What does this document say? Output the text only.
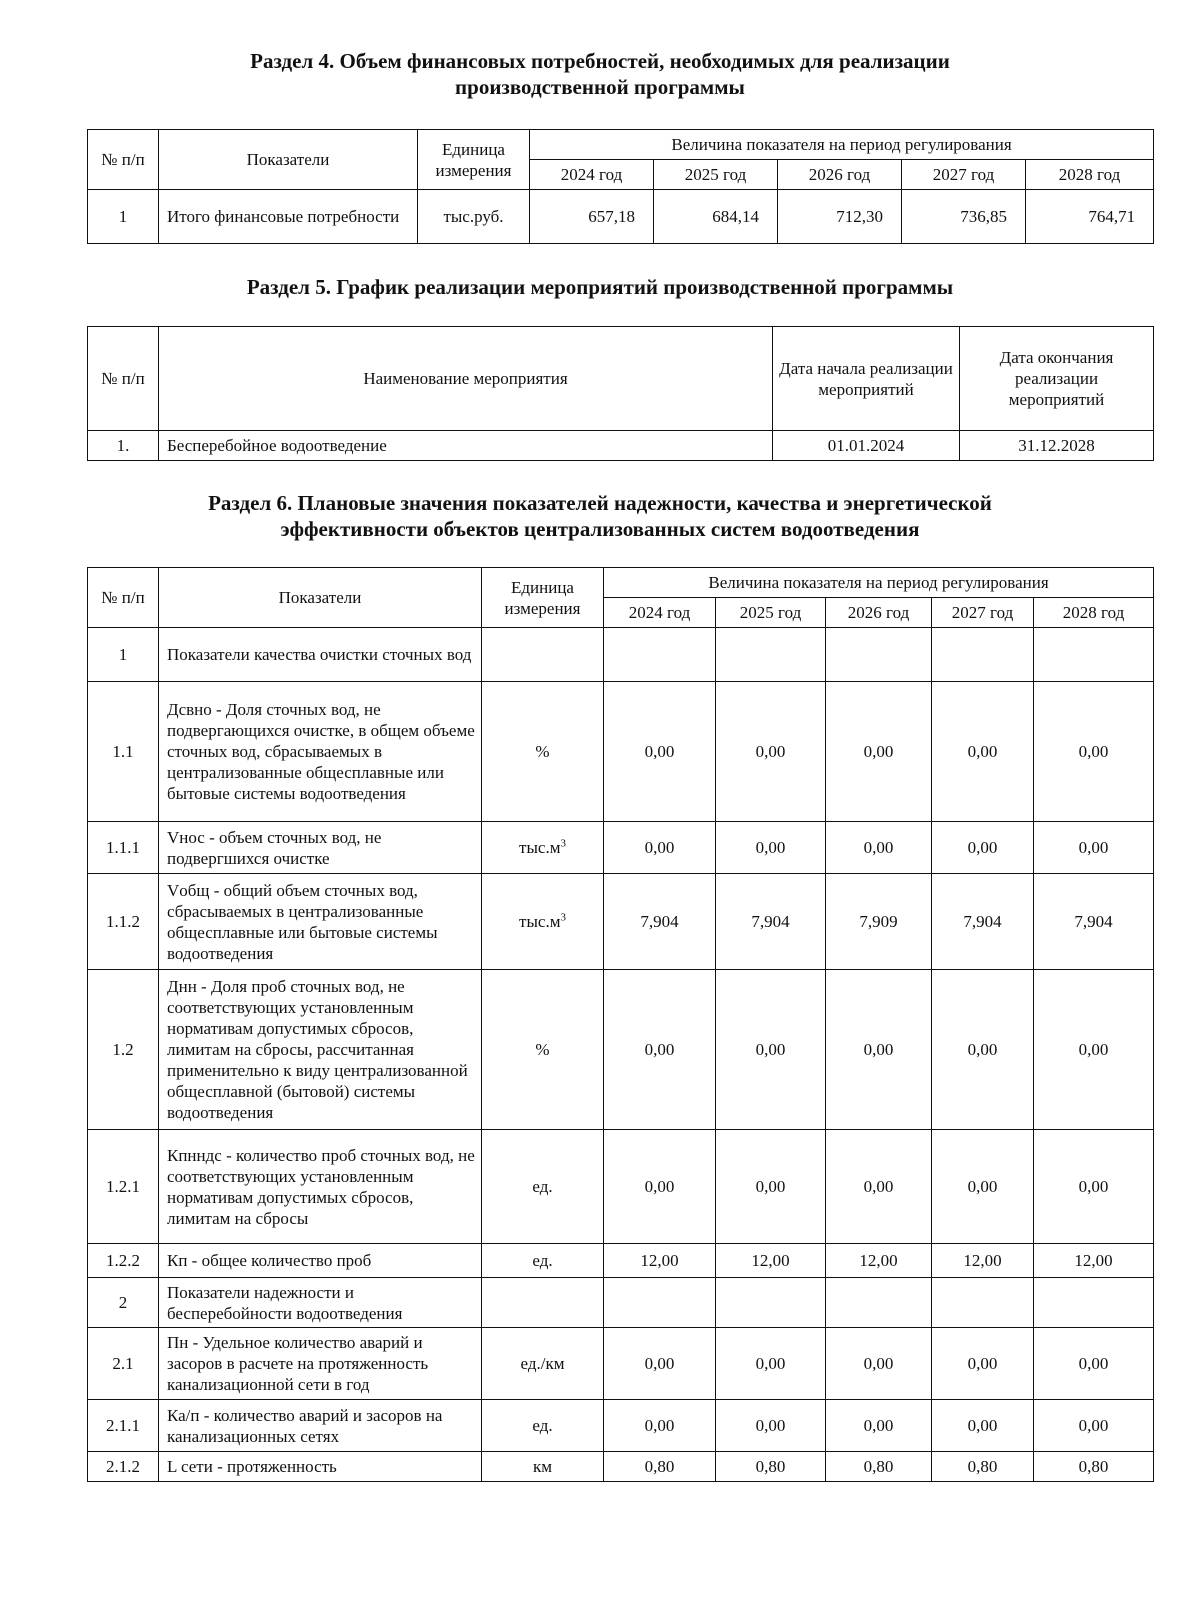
Раздел 4. Объем финансовых потребностей, необходимых для реализации
производственной программы
№ п/п	Показатели	Единица измерения	Величина показателя на период регулирования				
			2024 год	2025 год	2026 год	2027 год	2028 год
1	Итого финансовые потребности	тыс.руб.	657,18	684,14	712,30	736,85	764,71
Раздел 5. График реализации мероприятий производственной программы
№ п/п	Наименование мероприятия	Дата начала реализации мероприятий	Дата окончания реализации мероприятий
1.	Бесперебойное водоотведение	01.01.2024	31.12.2028
Раздел 6. Плановые значения показателей надежности, качества и энергетической
эффективности объектов централизованных систем водоотведения
№ п/п	Показатели	Единица измерения	Величина показателя на период регулирования				
			2024 год	2025 год	2026 год	2027 год	2028 год
1	Показатели качества очистки сточных вод						
1.1	Дсвно - Доля сточных вод, не подвергающихся очистке, в общем объеме сточных вод, сбрасываемых в централизованные общесплавные или бытовые системы водоотведения	%	0,00	0,00	0,00	0,00	0,00
1.1.1	Vнос - объем сточных вод, не подвергшихся очистке	$тыс.м^3$	0,00	0,00	0,00	0,00	0,00
1.1.2	Vобщ - общий объем сточных вод, сбрасываемых в централизованные общесплавные или бытовые системы водоотведения	$тыс.м^3$	7,904	7,904	7,909	7,904	7,904
1.2	Днн - Доля проб сточных вод, не соответствующих установленным нормативам допустимых сбросов, лимитам на сбросы, рассчитанная применительно к виду централизованной общесплавной (бытовой) системы водоотведения	%	0,00	0,00	0,00	0,00	0,00
1.2.1	Кпнндс - количество проб сточных вод, не соответствующих установленным нормативам допустимых сбросов, лимитам на сбросы	ед.	0,00	0,00	0,00	0,00	0,00
1.2.2	Кп - общее количество проб	ед.	12,00	12,00	12,00	12,00	12,00
2	Показатели надежности и бесперебойности водоотведения						
2.1	Пн - Удельное количество аварий и засоров в расчете на протяженность канализационной сети в год	ед./км	0,00	0,00	0,00	0,00	0,00
2.1.1	Ка/п - количество аварий и засоров на канализационных сетях	ед.	0,00	0,00	0,00	0,00	0,00
2.1.2	L сети - протяженность	км	0,80	0,80	0,80	0,80	0,80
